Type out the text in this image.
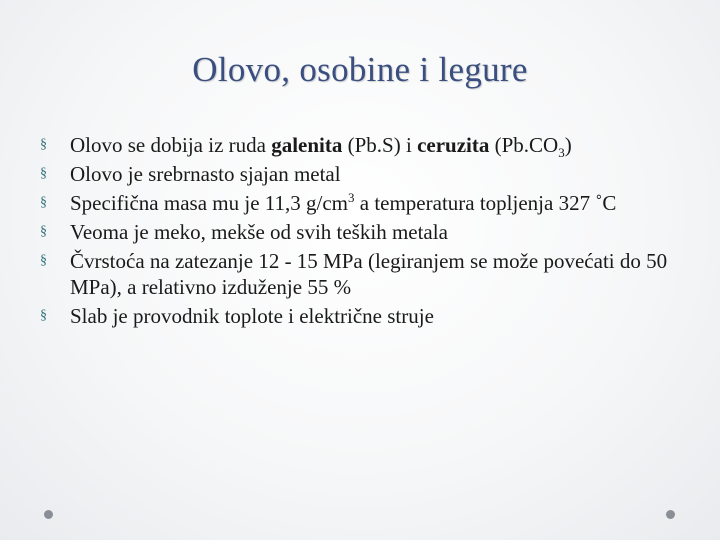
Olovo, osobine i legure
§ Olovo se dobija iz ruda galenita (Pb.S) i ceruzita $(Pb.CO_3)$
§ Olovo je srebrnasto sjajan metal
§ Specifična masa mu je 11,3 $g/cm^3$ a temperatura topljenja 327 ˚C
§ Veoma je meko, mekše od svih teških metala
§ Čvrstoća na zatezanje 12 - 15 MPa (legiranjem se može povećati do 50 MPa), a relativno izduženje 55 %
§ Slab je provodnik toplote i električne struje
